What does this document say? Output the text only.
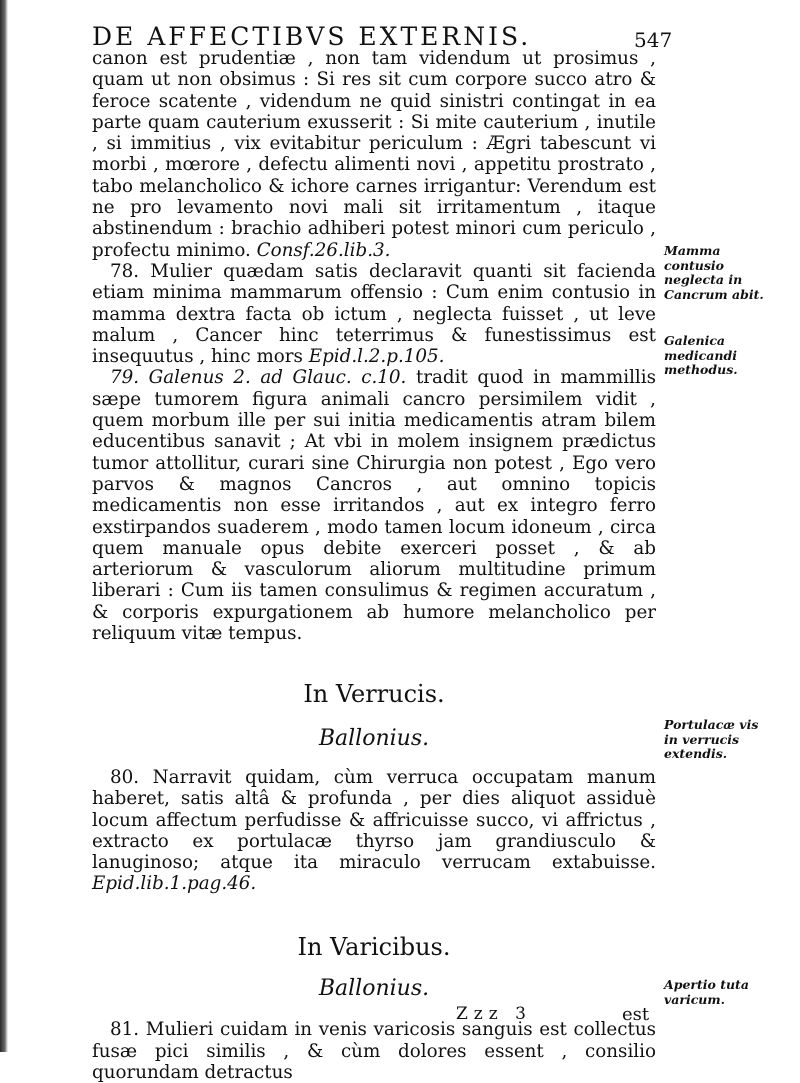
DE AFFECTIBVS EXTERNIS.	547

canon est prudentiæ , non tam videndum ut prosimus , quam ut non obsimus : Si res sit cum corpore succo atro & feroce scatente , videndum ne quid sinistri contingat in ea parte quam cauterium exusserit : Si mite cauterium , inutile , si immitius , vix evitabitur periculum : Ægri tabescunt vi morbi , mœrore , defectu alimenti novi , appetitu prostrato , tabo melancholico & ichore carnes irrigantur: Verendum est ne pro levamento novi mali sit irritamentum , itaque abstinendum : brachio adhiberi potest minori cum periculo , profectu minimo. Consf.26.lib.3.

78. Mulier quædam satis declaravit quanti sit facienda etiam minima mammarum offensio : Cum enim contusio in mamma dextra facta ob ictum , neglecta fuisset , ut leve malum , Cancer hinc teterrimus & funestissimus est insequutus , hinc mors Epid.l.2.p.105.

79. Galenus 2. ad Glauc. c.10. tradit quod in mammillis sæpe tumorem figura animali cancro persimilem vidit , quem morbum ille per sui initia medicamentis atram bilem educentibus sanavit ; At vbi in molem insignem prædictus tumor attollitur, curari sine Chirurgia non potest , Ego vero parvos & magnos Cancros , aut omnino topicis medicamentis non esse irritandos , aut ex integro ferro exstirpandos suaderem , modo tamen locum idoneum , circa quem manuale opus debite exerceri posset , & ab arteriorum & vasculorum aliorum multitudine primum liberari : Cum iis tamen consulimus & regimen accuratum , & corporis expurgationem ab humore melancholico per reliquum vitæ tempus.

In Verrucis.

Ballonius.

80. Narravit quidam, cùm verruca occupatam manum haberet, satis altâ & profunda , per dies aliquot assiduè locum affectum perfudisse & affricuisse succo, vi affrictus , extracto ex portulacæ thyrso jam grandiusculo & lanuginoso; atque ita miraculo verrucam extabuisse. Epid.lib.1.pag.46.

In Varicibus.

Ballonius.

81. Mulieri cuidam in venis varicosis sanguis est collectus fusæ pici similis , & cùm dolores essent , consilio quorundam detractus

Mamma contusio neglecta in Cancrum abit.
Galenica medicandi methodus.
Portulacæ vis in verrucis extendis.
Apertio tuta varicum.
Zzz 3	est
